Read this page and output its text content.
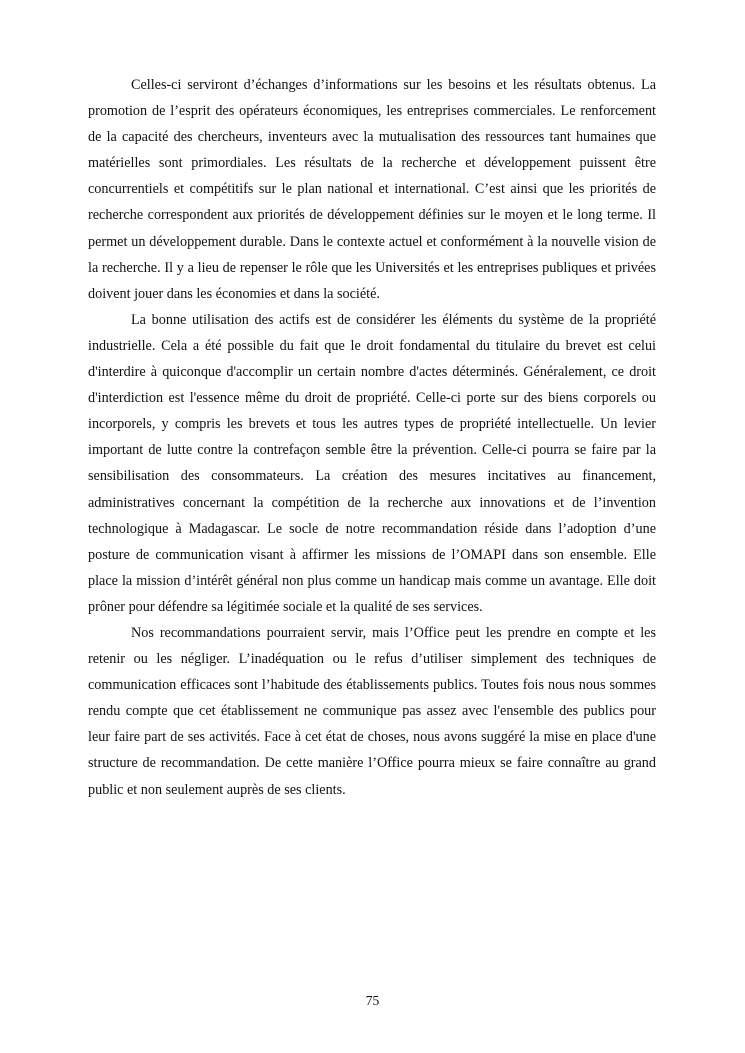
Celles-ci serviront d’échanges d’informations sur les besoins et les résultats obtenus. La promotion de l’esprit des opérateurs économiques, les entreprises commerciales. Le renforcement de la capacité des chercheurs, inventeurs avec la mutualisation des ressources tant humaines que matérielles sont primordiales. Les résultats de la recherche et développement puissent être concurrentiels et compétitifs sur le plan national et international. C’est ainsi que les priorités de recherche correspondent aux priorités de développement définies sur le moyen et le long terme. Il permet un développement durable. Dans le contexte actuel et conformément à la nouvelle vision de la recherche. Il y a lieu de repenser le rôle que les Universités et les entreprises publiques et privées doivent jouer dans les économies et dans la société.

La bonne utilisation des actifs est de considérer les éléments du système de la propriété industrielle. Cela a été possible du fait que le droit fondamental du titulaire du brevet est celui d'interdire à quiconque d'accomplir un certain nombre d'actes déterminés. Généralement, ce droit d'interdiction est l'essence même du droit de propriété. Celle-ci porte sur des biens corporels ou incorporels, y compris les brevets et tous les autres types de propriété intellectuelle. Un levier important de lutte contre la contrefaçon semble être la prévention. Celle-ci pourra se faire par la sensibilisation des consommateurs. La création des mesures incitatives au financement, administratives concernant la compétition de la recherche aux innovations et de l’invention technologique à Madagascar. Le socle de notre recommandation réside dans l’adoption d’une posture de communication visant à affirmer les missions de l’OMAPI dans son ensemble. Elle place la mission d’intérêt général non plus comme un handicap mais comme un avantage. Elle doit prôner pour défendre sa légitimée sociale et la qualité de ses services.

Nos recommandations pourraient servir, mais l’Office peut les prendre en compte et les retenir ou les négliger. L’inadéquation ou le refus d’utiliser simplement des techniques de communication efficaces sont l’habitude des établissements publics. Toutes fois nous nous sommes rendu compte que cet établissement ne communique pas assez avec l'ensemble des publics pour leur faire part de ses activités. Face à cet état de choses, nous avons suggéré la mise en place d'une structure de recommandation. De cette manière l’Office pourra mieux se faire connaître au grand public et non seulement auprès de ses clients.

75
